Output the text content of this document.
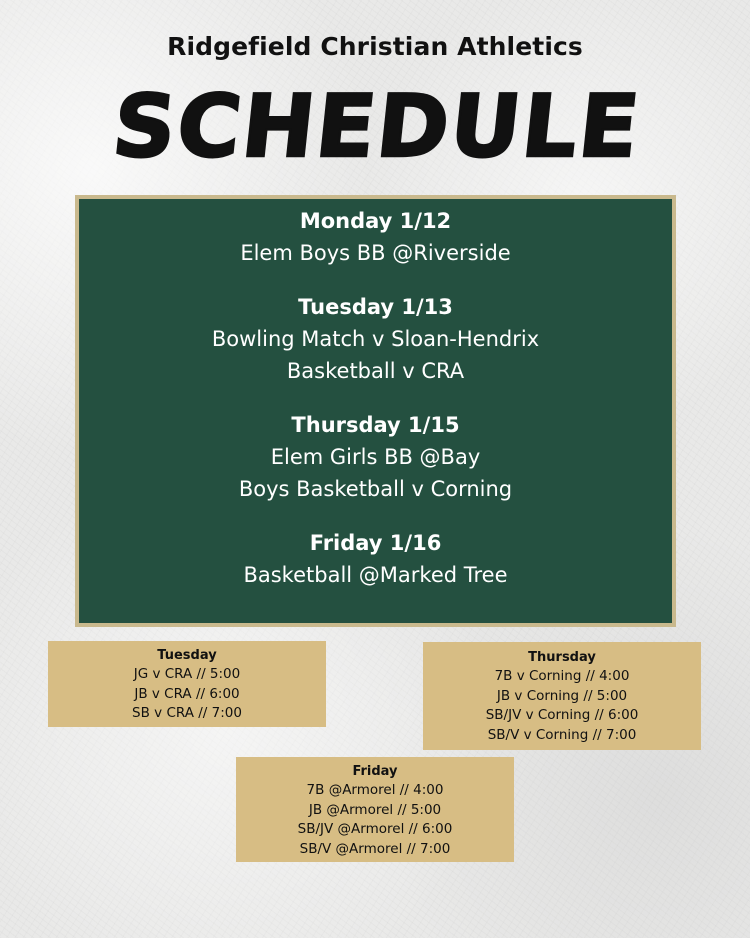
Ridgefield Christian Athletics
SCHEDULE
Monday 1/12
Elem Boys BB @Riverside
Tuesday 1/13
Bowling Match v Sloan-Hendrix
Basketball v CRA
Thursday 1/15
Elem Girls BB @Bay
Boys Basketball v Corning
Friday 1/16
Basketball @Marked Tree
Tuesday
JG v CRA // 5:00
JB v CRA // 6:00
SB v CRA // 7:00
Thursday
7B v Corning // 4:00
JB v Corning // 5:00
SB/JV v Corning // 6:00
SB/V v Corning // 7:00
Friday
7B @Armorel // 4:00
JB @Armorel // 5:00
SB/JV @Armorel // 6:00
SB/V @Armorel // 7:00
